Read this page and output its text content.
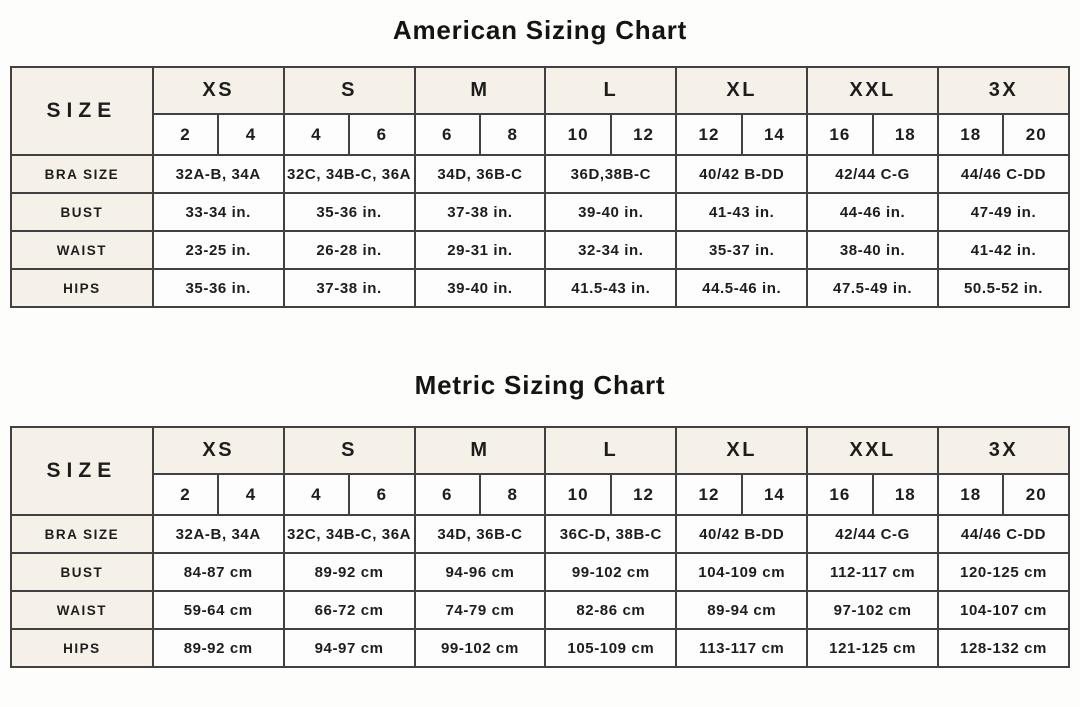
American Sizing Chart
SIZE	XS		S		M		L		XL		XXL		3X	
	2	4	4	6	6	8	10	12	12	14	16	18	18	20
BRA SIZE	32A-B, 34A		32C, 34B-C, 36A		34D, 36B-C		36D,38B-C		40/42 B-DD		42/44 C-G		44/46 C-DD	
BUST	33-34 in.		35-36 in.		37-38 in.		39-40 in.		41-43 in.		44-46 in.		47-49 in.	
WAIST	23-25 in.		26-28 in.		29-31 in.		32-34 in.		35-37 in.		38-40 in.		41-42 in.	
HIPS	35-36 in.		37-38 in.		39-40 in.		41.5-43 in.		44.5-46 in.		47.5-49 in.		50.5-52 in.	
Metric Sizing Chart
SIZE	XS		S		M		L		XL		XXL		3X	
	2	4	4	6	6	8	10	12	12	14	16	18	18	20
BRA SIZE	32A-B, 34A		32C, 34B-C, 36A		34D, 36B-C		36C-D, 38B-C		40/42 B-DD		42/44 C-G		44/46 C-DD	
BUST	84-87 cm		89-92 cm		94-96 cm		99-102 cm		104-109 cm		112-117 cm		120-125 cm	
WAIST	59-64 cm		66-72 cm		74-79 cm		82-86 cm		89-94 cm		97-102 cm		104-107 cm	
HIPS	89-92 cm		94-97 cm		99-102 cm		105-109 cm		113-117 cm		121-125 cm		128-132 cm	
